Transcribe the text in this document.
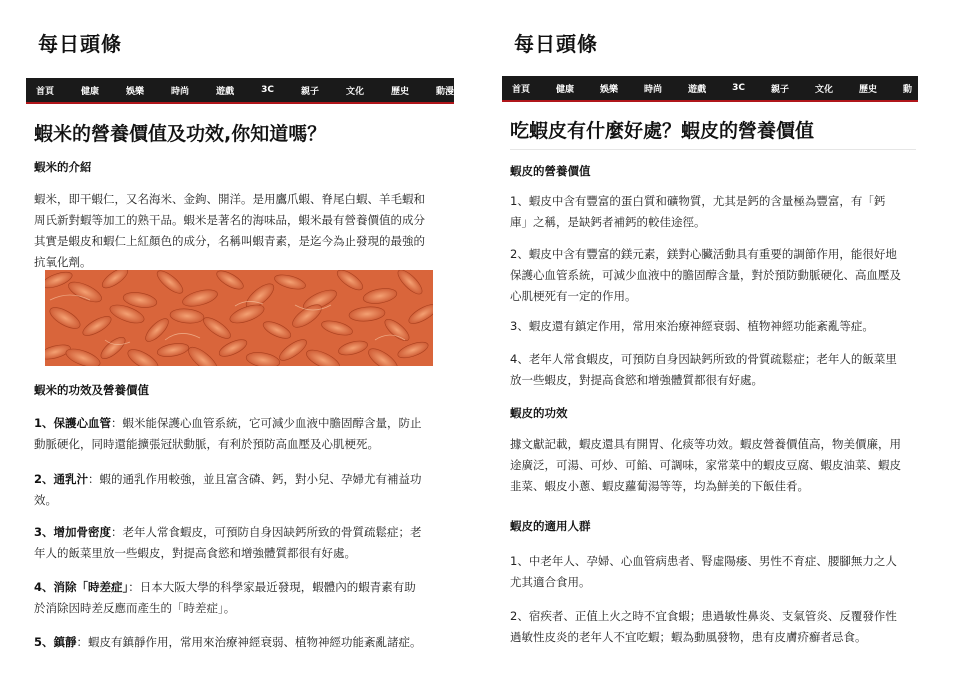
每日頭條
首頁	健康	娛樂	時尚	遊戲	3C	親子	文化	歷史	動漫
蝦米的營養價值及功效,你知道嗎？
蝦米的介紹
蝦米，即干蝦仁，又名海米、金鉤、開洋。是用鷹爪蝦、脊尾白蝦、羊毛蝦和
周氏新對蝦等加工的熟干品。蝦米是著名的海味品，蝦米最有營養價值的成分
其實是蝦皮和蝦仁上紅顏色的成分，名稱叫蝦青素，是迄今為止發現的最強的
抗氧化劑。
蝦米的功效及營養價值
1、保護心血管：蝦米能保護心血管系統，它可減少血液中膽固醇含量，防止
動脈硬化，同時還能擴張冠狀動脈，有利於預防高血壓及心肌梗死。
2、通乳汁：蝦的通乳作用較強，並且富含磷、鈣，對小兒、孕婦尤有補益功
效。
3、增加骨密度：老年人常食蝦皮，可預防自身因缺鈣所致的骨質疏鬆症；老
年人的飯菜里放一些蝦皮，對提高食慾和增強體質都很有好處。
4、消除「時差症」：日本大阪大學的科學家最近發現，蝦體內的蝦青素有助
於消除因時差反應而產生的「時差症」。
5、鎮靜：蝦皮有鎮靜作用，常用來治療神經衰弱、植物神經功能紊亂諸症。
每日頭條
首頁	健康	娛樂	時尚	遊戲	3C	親子	文化	歷史	動
吃蝦皮有什麼好處？蝦皮的營養價值
蝦皮的營養價值
1、蝦皮中含有豐富的蛋白質和礦物質，尤其是鈣的含量極為豐富，有「鈣
庫」之稱，是缺鈣者補鈣的較佳途徑。
2、蝦皮中含有豐富的鎂元素，鎂對心臟活動具有重要的調節作用，能很好地
保護心血管系統，可減少血液中的膽固醇含量，對於預防動脈硬化、高血壓及
心肌梗死有一定的作用。
3、蝦皮還有鎮定作用，常用來治療神經衰弱、植物神經功能紊亂等症。
4、老年人常食蝦皮，可預防自身因缺鈣所致的骨質疏鬆症；老年人的飯菜里
放一些蝦皮，對提高食慾和增強體質都很有好處。
蝦皮的功效
據文獻記載，蝦皮還具有開胃、化痰等功效。蝦皮營養價值高，物美價廉，用
途廣泛，可湯、可炒、可餡、可調味，家常菜中的蝦皮豆腐、蝦皮油菜、蝦皮
韭菜、蝦皮小蔥、蝦皮蘿蔔湯等等，均為鮮美的下飯佳肴。
蝦皮的適用人群
1、中老年人、孕婦、心血管病患者、腎虛陽痿、男性不育症、腰腳無力之人
尤其適合食用。
2、宿疾者、正值上火之時不宜食蝦；患過敏性鼻炎、支氣管炎、反覆發作性
過敏性皮炎的老年人不宜吃蝦；蝦為動風發物，患有皮膚疥癬者忌食。
